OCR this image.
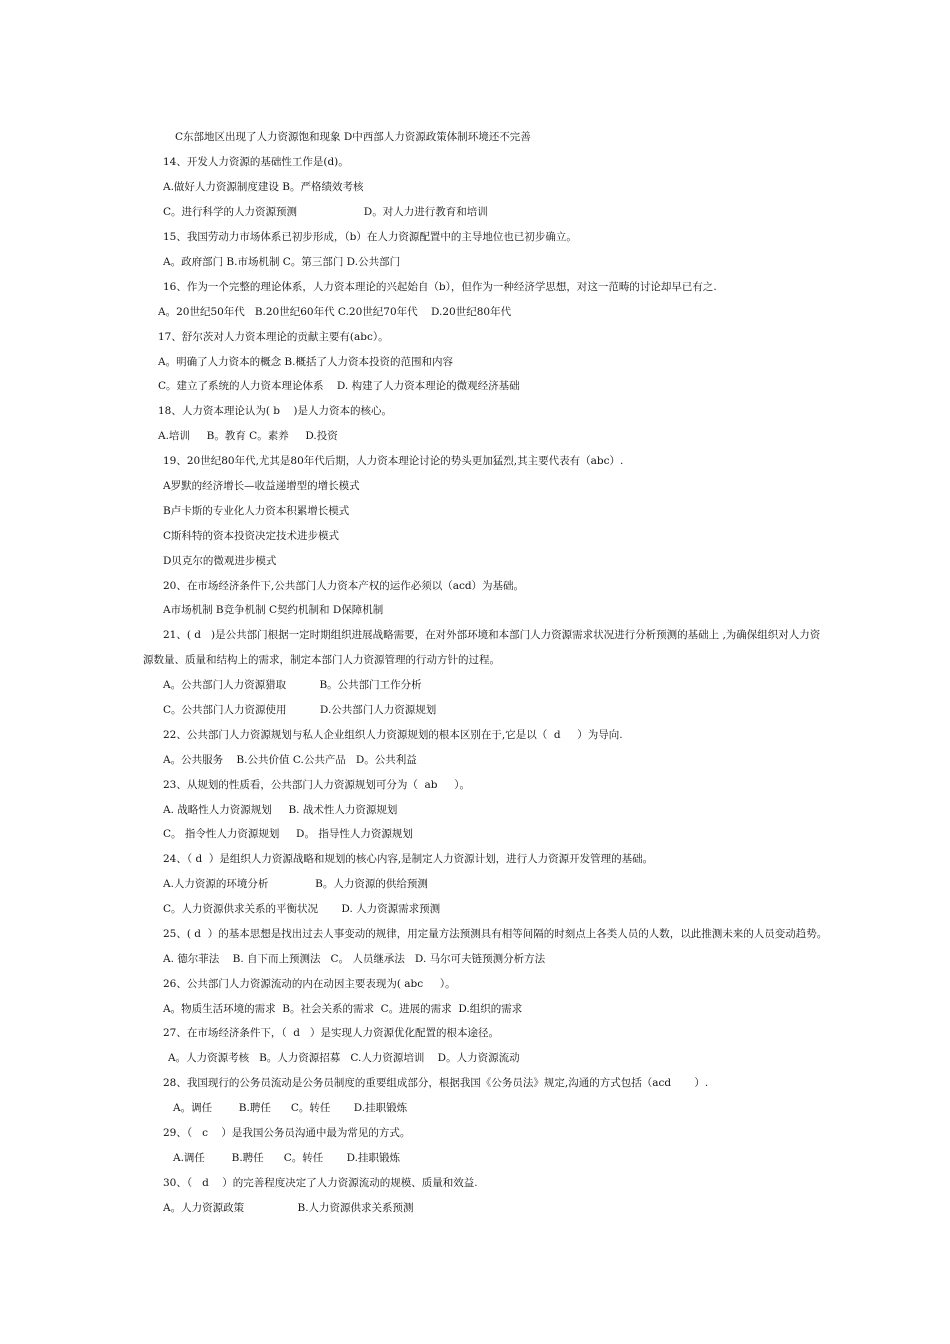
C东部地区出现了人力资源饱和现象 D中西部人力资源政策体制环境还不完善
14、开发人力资源的基础性工作是(d)。
A.做好人力资源制度建设 B。严格绩效考核
C。进行科学的人力资源预测                    D。对人力进行教育和培训
15、我国劳动力市场体系已初步形成，（b）在人力资源配置中的主导地位也已初步确立。
A。政府部门 B.市场机制 C。第三部门 D.公共部门
16、作为一个完整的理论体系，人力资本理论的兴起始自（b），但作为一种经济学思想，对这一范畴的讨论却早已有之.
A。20世纪50年代   B.20世纪60年代 C.20世纪70年代    D.20世纪80年代
17、舒尔茨对人力资本理论的贡献主要有(abc）。
A。明确了人力资本的概念 B.概括了人力资本投资的范围和内容
C。建立了系统的人力资本理论体系    D. 构建了人力资本理论的微观经济基础
18、人力资本理论认为( b    )是人力资本的核心。
A.培训     B。教育 C。素养     D.投资
19、20世纪80年代,尤其是80年代后期，人力资本理论讨论的势头更加猛烈,其主要代表有（abc）.
A罗默的经济增长—收益递增型的增长模式
B卢卡斯的专业化人力资本积累增长模式
C斯科特的资本投资决定技术进步模式
D贝克尔的微观进步模式
20、在市场经济条件下,公共部门人力资本产权的运作必须以（acd）为基础。
A市场机制 B竞争机制 C契约机制和 D保障机制
21、( d   )是公共部门根据一定时期组织进展战略需要，在对外部环境和本部门人力资源需求状况进行分析预测的基础上 ,为确保组织对人力资
源数量、质量和结构上的需求，制定本部门人力资源管理的行动方针的过程。
A。公共部门人力资源猎取          B。公共部门工作分析
C。公共部门人力资源使用          D.公共部门人力资源规划
22、公共部门人力资源规划与私人企业组织人力资源规划的根本区别在于,它是以（  d     ）为导向.
A。公共服务    B.公共价值 C.公共产品   D。公共利益
23、从规划的性质看，公共部门人力资源规划可分为（  ab     ）。
A. 战略性人力资源规划     B. 战术性人力资源规划
C。 指令性人力资源规划     D。 指导性人力资源规划
24、（ d  ）是组织人力资源战略和规划的核心内容,是制定人力资源计划，进行人力资源开发管理的基础。
A.人力资源的环境分析              B。人力资源的供给预测
C。人力资源供求关系的平衡状况       D. 人力资源需求预测
25、( d  ）的基本思想是找出过去人事变动的规律，用定量方法预测具有相等间隔的时刻点上各类人员的人数，以此推测未来的人员变动趋势。
A. 德尔菲法    B. 自下而上预测法   C。 人员继承法   D. 马尔可夫链预测分析方法
26、公共部门人力资源流动的内在动因主要表现为( abc     ）。
A。物质生活环境的需求  B。社会关系的需求  C。进展的需求  D.组织的需求
27、在市场经济条件下，（  d   ）是实现人力资源优化配置的根本途径。
A。人力资源考核   B。人力资源招募   C.人力资源培训    D。人力资源流动
28、我国现行的公务员流动是公务员制度的重要组成部分，根据我国《公务员法》规定,沟通的方式包括（acd       ）.
A。调任        B.聘任      C。转任       D.挂职锻炼
29、（   c    ）是我国公务员沟通中最为常见的方式。
A.调任        B.聘任      C。转任       D.挂职锻炼
30、（   d    ）的完善程度决定了人力资源流动的规模、质量和效益.
A。人力资源政策                B.人力资源供求关系预测
